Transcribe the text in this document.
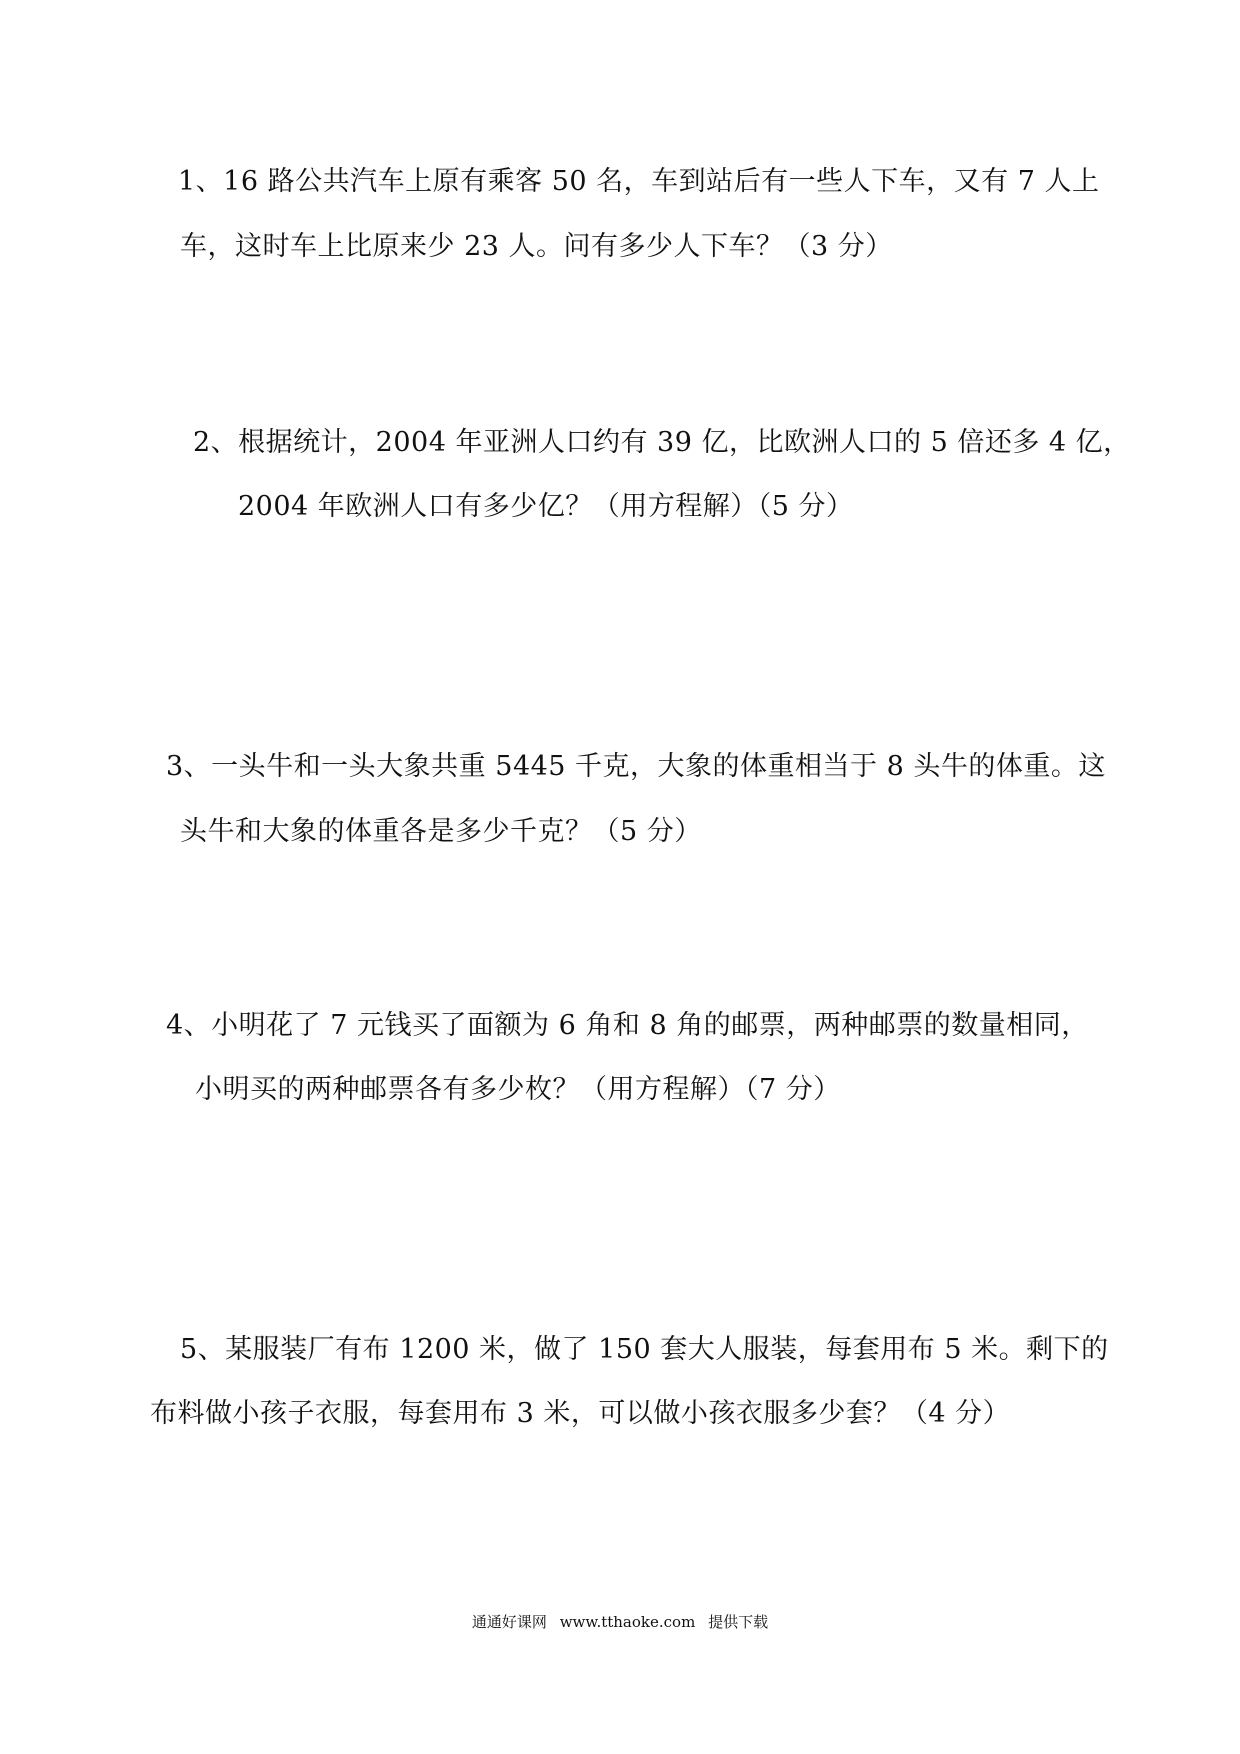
1、16 路公共汽车上原有乘客 50 名，车到站后有一些人下车，又有 7 人上
车，这时车上比原来少 23 人。问有多少人下车？（3 分）
2、根据统计，2004 年亚洲人口约有 39 亿，比欧洲人口的 5 倍还多 4 亿，
2004 年欧洲人口有多少亿？（用方程解）（5 分）
3、一头牛和一头大象共重 5445 千克，大象的体重相当于 8 头牛的体重。这
头牛和大象的体重各是多少千克？（5 分）
4、小明花了 7 元钱买了面额为 6 角和 8 角的邮票，两种邮票的数量相同，
小明买的两种邮票各有多少枚？（用方程解）（7 分）
5、某服装厂有布 1200 米，做了 150 套大人服装，每套用布 5 米。剩下的
布料做小孩子衣服，每套用布 3 米，可以做小孩衣服多少套？（4 分）
通通好课网 www.tthaoke.com 提供下载
